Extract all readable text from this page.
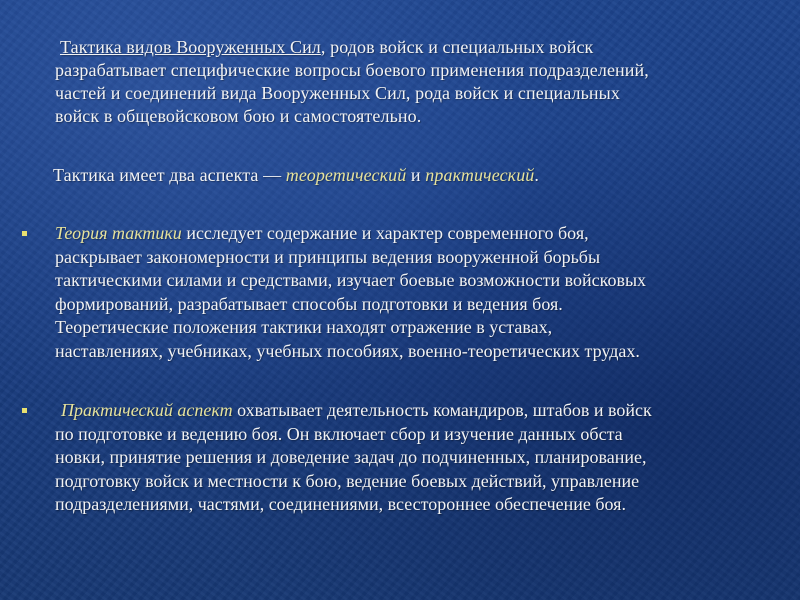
Тактика видов Вооруженных Сил, родов войск и специальных войск
разрабатывает специфические вопросы боевого применения подразделений,
частей и соединений вида Вооруженных Сил, рода войск и специальных
войск в общевойсковом бою и самостоятельно.
Тактика имеет два аспекта — теоретический и практический.
Теория тактики исследует содержание и характер современного боя,
раскрывает закономерности и принципы ведения вооруженной борьбы
тактическими силами и средствами, изучает боевые возможности войсковых
формирований, разрабатывает способы подготовки и ведения боя.
Теоретические положения тактики находят отражение в уставах,
наставлениях, учебниках, учебных пособиях, военно-теоретических трудах.
Практический аспект охватывает деятельность командиров, штабов и войск
по подготовке и ведению боя. Он включает сбор и изучение данных обста
новки, принятие решения и доведение задач до подчиненных, планирование,
подготовку войск и местности к бою, ведение боевых действий, управление
подразделениями, частями, соединениями, всестороннее обеспечение боя.
